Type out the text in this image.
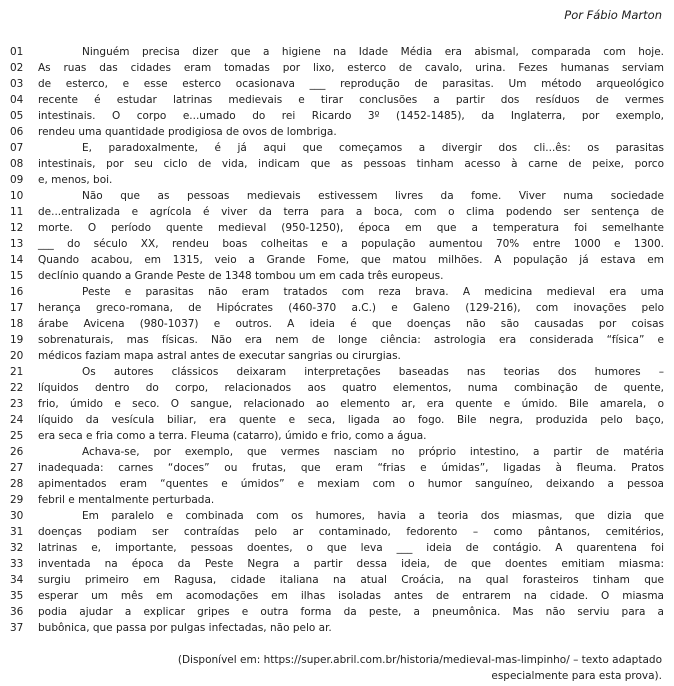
Por Fábio Marton
01	Ninguém precisa dizer que a higiene na Idade Média era abismal, comparada com hoje.
02	As ruas das cidades eram tomadas por lixo, esterco de cavalo, urina. Fezes humanas serviam
03	de esterco, e esse esterco ocasionava ___ reprodução de parasitas. Um método arqueológico
04	recente é estudar latrinas medievais e tirar conclusões a partir dos resíduos de vermes
05	intestinais. O corpo e...umado do rei Ricardo 3º (1452-1485), da Inglaterra, por exemplo,
06	rendeu uma quantidade prodigiosa de ovos de lombriga.
07	E, paradoxalmente, é já aqui que começamos a divergir dos cli...ês: os parasitas
08	intestinais, por seu ciclo de vida, indicam que as pessoas tinham acesso à carne de peixe, porco
09	e, menos, boi.
10	Não que as pessoas medievais estivessem livres da fome. Viver numa sociedade
11	de...entralizada e agrícola é viver da terra para a boca, com o clima podendo ser sentença de
12	morte. O período quente medieval (950-1250), época em que a temperatura foi semelhante
13	___ do século XX, rendeu boas colheitas e a população aumentou 70% entre 1000 e 1300.
14	Quando acabou, em 1315, veio a Grande Fome, que matou milhões. A população já estava em
15	declínio quando a Grande Peste de 1348 tombou um em cada três europeus.
16	Peste e parasitas não eram tratados com reza brava. A medicina medieval era uma
17	herança greco-romana, de Hipócrates (460-370 a.C.) e Galeno (129-216), com inovações pelo
18	árabe Avicena (980-1037) e outros. A ideia é que doenças não são causadas por coisas
19	sobrenaturais, mas físicas. Não era nem de longe ciência: astrologia era considerada “física” e
20	médicos faziam mapa astral antes de executar sangrias ou cirurgias.
21	Os autores clássicos deixaram interpretações baseadas nas teorias dos humores –
22	líquidos dentro do corpo, relacionados aos quatro elementos, numa combinação de quente,
23	frio, úmido e seco. O sangue, relacionado ao elemento ar, era quente e úmido. Bile amarela, o
24	líquido da vesícula biliar, era quente e seca, ligada ao fogo. Bile negra, produzida pelo baço,
25	era seca e fria como a terra. Fleuma (catarro), úmido e frio, como a água.
26	Achava-se, por exemplo, que vermes nasciam no próprio intestino, a partir de matéria
27	inadequada: carnes “doces” ou frutas, que eram “frias e úmidas”, ligadas à fleuma. Pratos
28	apimentados eram “quentes e úmidos” e mexiam com o humor sanguíneo, deixando a pessoa
29	febril e mentalmente perturbada.
30	Em paralelo e combinada com os humores, havia a teoria dos miasmas, que dizia que
31	doenças podiam ser contraídas pelo ar contaminado, fedorento – como pântanos, cemitérios,
32	latrinas e, importante, pessoas doentes, o que leva ___ ideia de contágio. A quarentena foi
33	inventada na época da Peste Negra a partir dessa ideia, de que doentes emitiam miasma:
34	surgiu primeiro em Ragusa, cidade italiana na atual Croácia, na qual forasteiros tinham que
35	esperar um mês em acomodações em ilhas isoladas antes de entrarem na cidade. O miasma
36	podia ajudar a explicar gripes e outra forma da peste, a pneumônica. Mas não serviu para a
37	bubônica, que passa por pulgas infectadas, não pelo ar.
(Disponível em: https://super.abril.com.br/historia/medieval-mas-limpinho/ – texto adaptado
especialmente para esta prova).
